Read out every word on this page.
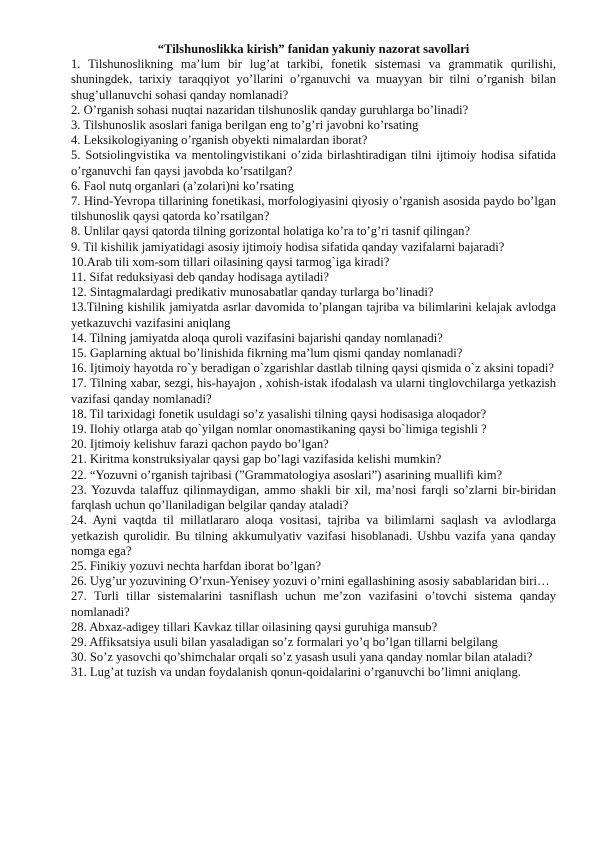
“Tilshunoslikka kirish” fanidan yakuniy nazorat savollari

1. Tilshunoslikning ma’lum bir lug’at tarkibi, fonetik sistemasi va grammatik qurilishi, shuningdek, tarixiy taraqqiyot yo’llarini o’rganuvchi va muayyan bir tilni o’rganish bilan shug’ullanuvchi sohasi qanday nomlanadi?

2. O’rganish sohasi nuqtai nazaridan tilshunoslik qanday guruhlarga bo’linadi?

3. Tilshunoslik asoslari faniga berilgan eng to’g’ri javobni ko’rsating

4. Leksikologiyaning o’rganish obyekti nimalardan iborat?

5. Sotsiolingvistika va mentolingvistikani o’zida birlashtiradigan tilni ijtimoiy hodisa sifatida o’rganuvchi fan qaysi javobda ko’rsatilgan?

6. Faol nutq organlari (a’zolari)ni ko’rsating

7. Hind-Yevropa tillarining fonetikasi, morfologiyasini qiyosiy o’rganish asosida paydo bo’lgan tilshunoslik qaysi qatorda ko’rsatilgan?

8. Unlilar qaysi qatorda tilning gorizontal holatiga ko’ra to’g’ri tasnif qilingan?

9. Til kishilik jamiyatidagi asosiy ijtimoiy hodisa sifatida qanday vazifalarni bajaradi?

10.Arab tili xom-som tillari oilasining qaysi tarmog`iga kiradi?

11. Sifat reduksiyasi deb qanday hodisaga aytiladi?

12. Sintagmalardagi predikativ munosabatlar qanday turlarga bo’linadi?

13.Tilning kishilik jamiyatda asrlar davomida to’plangan tajriba va bilimlarini kelajak avlodga yetkazuvchi vazifasini aniqlang

14. Tilning jamiyatda aloqa quroli vazifasini bajarishi qanday nomlanadi?

15. Gaplarning aktual bo’linishida fikrning ma’lum qismi qanday nomlanadi?

16. Ijtimoiy hayotda ro`y beradigan o`zgarishlar dastlab tilning qaysi qismida o`z aksini topadi?

17. Tilning xabar, sezgi, his-hayajon , xohish-istak ifodalash va ularni tinglovchilarga yetkazish vazifasi qanday nomlanadi?

18. Til tarixidagi fonetik usuldagi so’z yasalishi tilning qaysi hodisasiga aloqador?

19. Ilohiy otlarga atab qo`yilgan nomlar onomastikaning qaysi bo`limiga tegishli ?

20. Ijtimoiy kelishuv farazi qachon paydo bo’lgan?

21. Kiritma konstruksiyalar qaysi gap bo’lagi vazifasida kelishi mumkin?

22. “Yozuvni o’rganish tajribasi (”Grammatologiya asoslari”) asarining muallifi kim?

23. Yozuvda talaffuz qilinmaydigan, ammo shakli bir xil, ma’nosi farqli so’zlarni bir-biridan farqlash uchun qo’llaniladigan belgilar qanday ataladi?

24. Ayni vaqtda til millatlararo aloqa vositasi, tajriba va bilimlarni saqlash va avlodlarga yetkazish qurolidir. Bu tilning akkumulyativ vazifasi hisoblanadi. Ushbu vazifa yana qanday nomga ega?

25. Finikiy yozuvi nechta harfdan iborat bo’lgan?

26. Uyg’ur yozuvining O’rxun-Yenisey yozuvi o’rnini egallashining asosiy sabablaridan biri…

27. Turli tillar sistemalarini tasniflash uchun me’zon vazifasini o’tovchi sistema qanday nomlanadi?

28. Abxaz-adigey tillari Kavkaz tillar oilasining qaysi guruhiga mansub?

29. Affiksatsiya usuli bilan yasaladigan so’z formalari yo’q bo’lgan tillarni belgilang

30. So’z yasovchi qo’shimchalar orqali so’z yasash usuli yana qanday nomlar bilan ataladi?

31. Lug’at tuzish va undan foydalanish qonun-qoidalarini o’rganuvchi bo’limni aniqlang.
